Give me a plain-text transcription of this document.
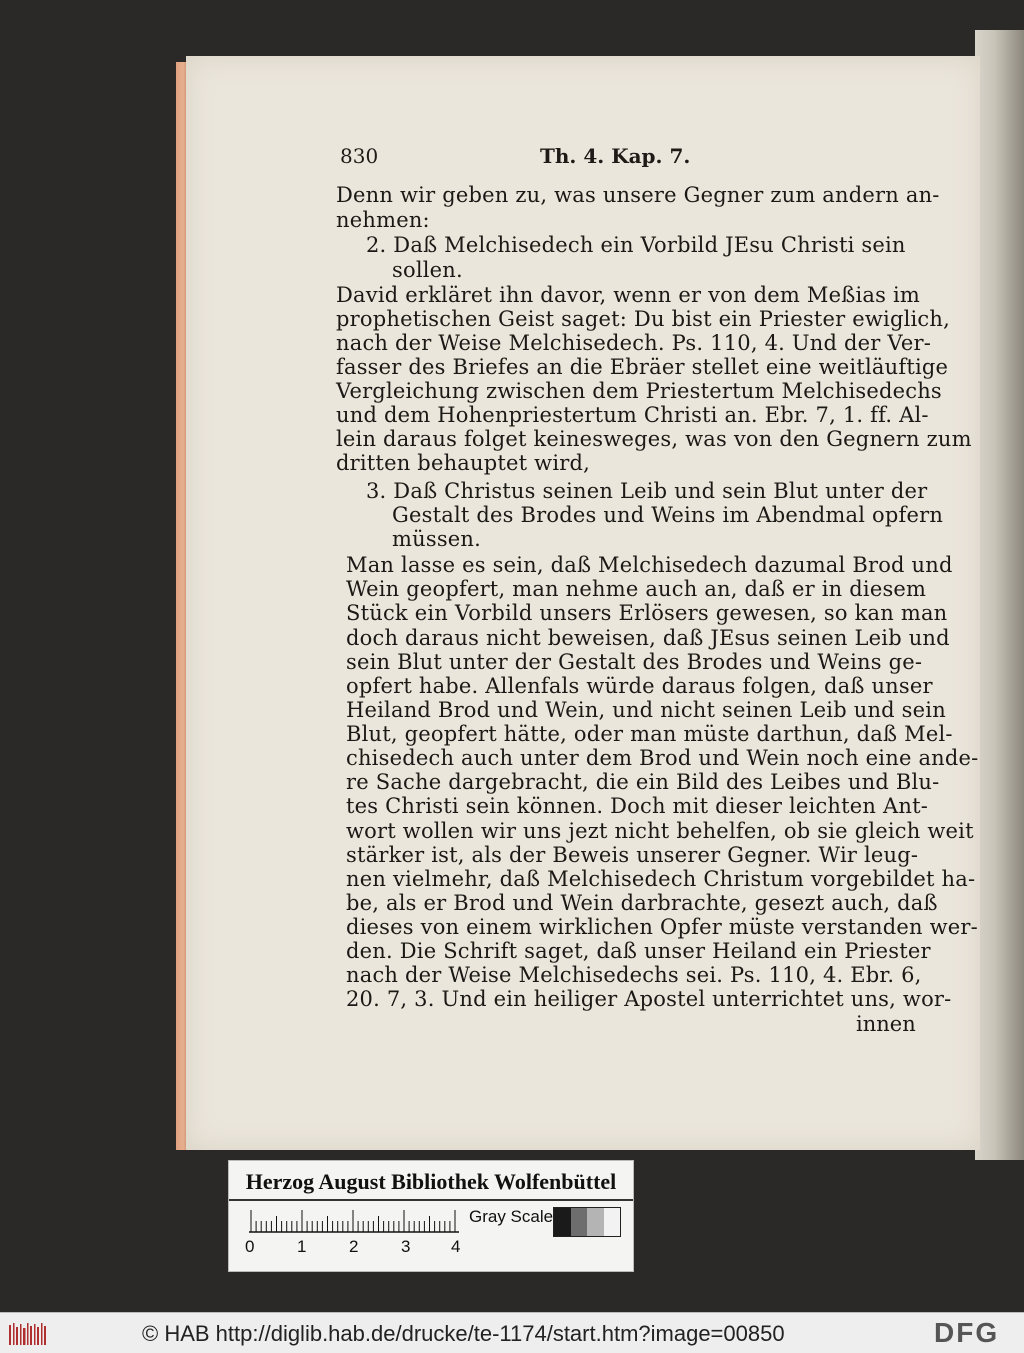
830	Th. 4. Kap. 7.
Denn wir geben zu, was unsere Gegner zum andern an-
nehmen:
2. Daß Melchisedech ein Vorbild JEsu Christi sein
sollen.
David erkläret ihn davor, wenn er von dem Meßias im
prophetischen Geist saget: Du bist ein Priester ewiglich,
nach der Weise Melchisedech. Ps. 110, 4. Und der Ver-
fasser des Briefes an die Ebräer stellet eine weitläuftige
Vergleichung zwischen dem Priestertum Melchisedechs
und dem Hohenpriestertum Christi an. Ebr. 7, 1. ff. Al-
lein daraus folget keinesweges, was von den Gegnern zum
dritten behauptet wird,
3. Daß Christus seinen Leib und sein Blut unter der
Gestalt des Brodes und Weins im Abendmal opfern
müssen.
Man lasse es sein, daß Melchisedech dazumal Brod und
Wein geopfert, man nehme auch an, daß er in diesem
Stück ein Vorbild unsers Erlösers gewesen, so kan man
doch daraus nicht beweisen, daß JEsus seinen Leib und
sein Blut unter der Gestalt des Brodes und Weins ge-
opfert habe. Allenfals würde daraus folgen, daß unser
Heiland Brod und Wein, und nicht seinen Leib und sein
Blut, geopfert hätte, oder man müste darthun, daß Mel-
chisedech auch unter dem Brod und Wein noch eine ande-
re Sache dargebracht, die ein Bild des Leibes und Blu-
tes Christi sein können. Doch mit dieser leichten Ant-
wort wollen wir uns jezt nicht behelfen, ob sie gleich weit
stärker ist, als der Beweis unserer Gegner. Wir leug-
nen vielmehr, daß Melchisedech Christum vorgebildet ha-
be, als er Brod und Wein darbrachte, gesezt auch, daß
dieses von einem wirklichen Opfer müste verstanden wer-
den. Die Schrift saget, daß unser Heiland ein Priester
nach der Weise Melchisedechs sei. Ps. 110, 4. Ebr. 6,
20. 7, 3. Und ein heiliger Apostel unterrichtet uns, wor-
innen
Herzog August Bibliothek Wolfenbüttel
0	1	2	3 4
Gray Scale
© HAB http://diglib.hab.de/drucke/te-1174/start.htm?image=00850	DFG
